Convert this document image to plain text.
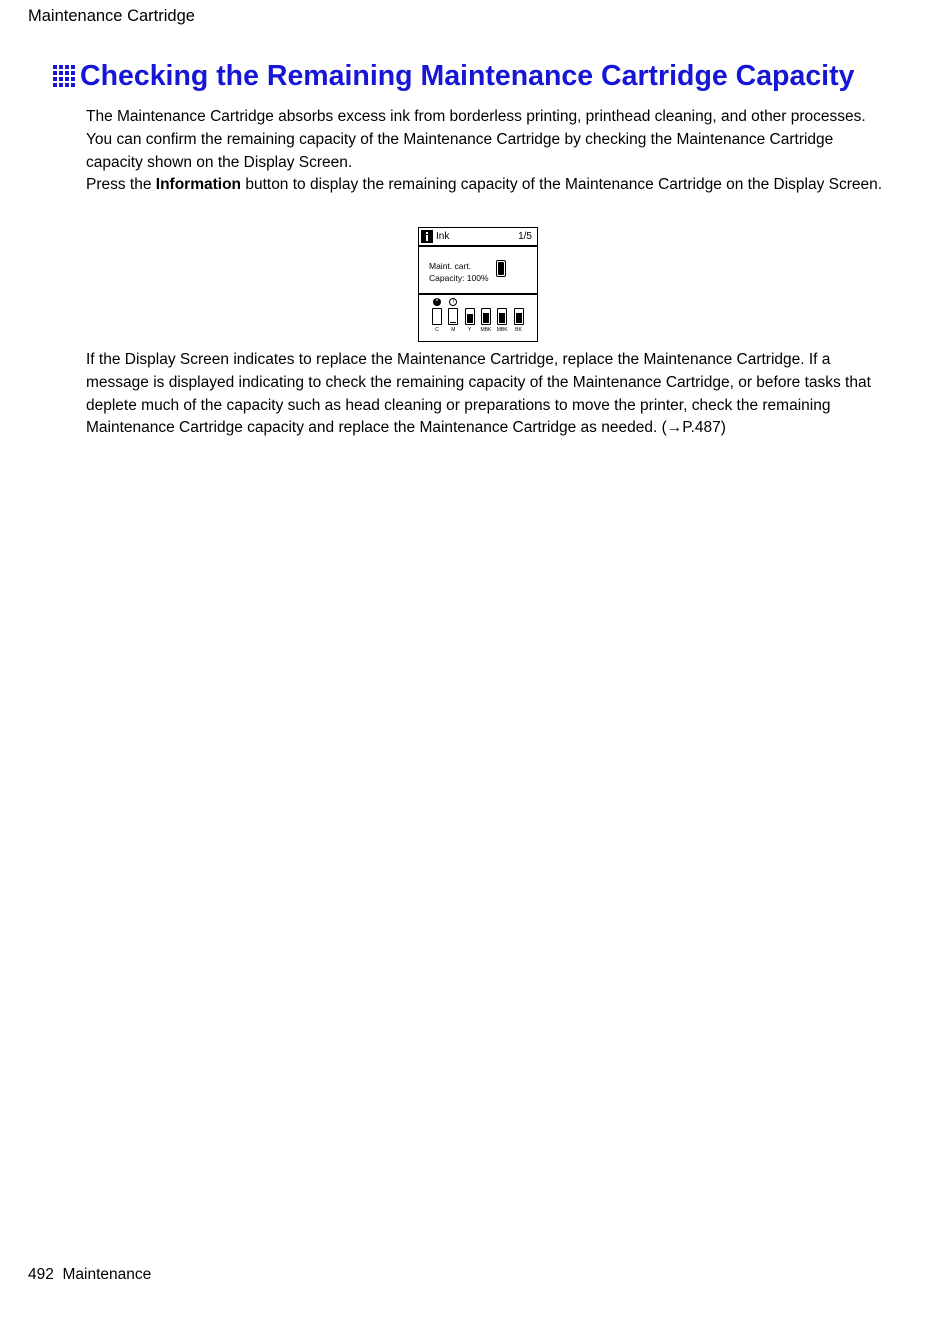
Maintenance Cartridge
Checking the Remaining Maintenance Cartridge Capacity

The Maintenance Cartridge absorbs excess ink from borderless printing, printhead cleaning, and other processes. You can confirm the remaining capacity of the Maintenance Cartridge by checking the Maintenance Cartridge capacity shown on the Display Screen.

Press the Information button to display the remaining capacity of the Maintenance Cartridge on the Display Screen.

Ink	1/5
Maint. cart.
Capacity: 100%
×
C
!
M	Y	MBK MBK	BK

If the Display Screen indicates to replace the Maintenance Cartridge, replace the Maintenance Cartridge. If a message is displayed indicating to check the remaining capacity of the Maintenance Cartridge, or before tasks that deplete much of the capacity such as head cleaning or preparations to move the printer, check the remaining Maintenance Cartridge capacity and replace the Maintenance Cartridge as needed. (→P.487)

492 Maintenance
